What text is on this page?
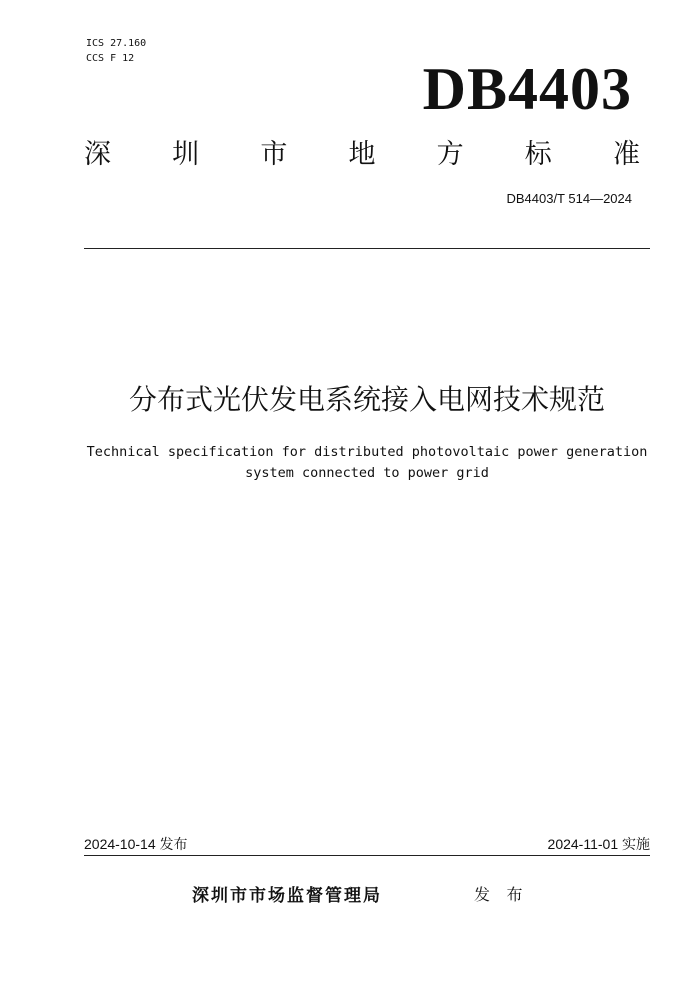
ICS 27.160
CCS F 12	DB4403
深 圳 市 地 方 标 准
DB4403/T 514—2024
分布式光伏发电系统接入电网技术规范
Technical specification for distributed photovoltaic power generation system connected to power grid
2024-10-14 发布	2024-11-01 实施
深圳市市场监督管理局	发 布
